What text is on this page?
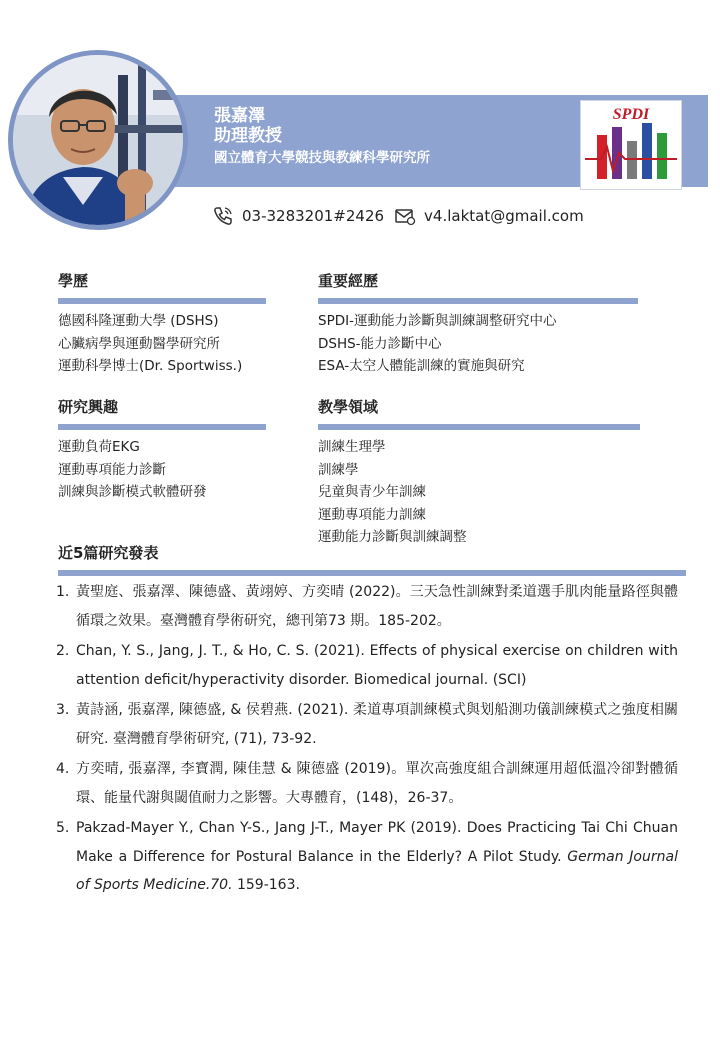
張嘉澤
助理教授
國立體育大學競技與教練科學研究所
SPDI
03-3283201#2426	v4.laktat@gmail.com
學歷
德國科隆運動大學 (DSHS)
心臟病學與運動醫學研究所
運動科學博士(Dr. Sportwiss.)
重要經歷
SPDI-運動能力診斷與訓練調整研究中心
DSHS-能力診斷中心
ESA-太空人體能訓練的實施與研究
研究興趣
運動負荷EKG
運動專項能力診斷
訓練與診斷模式軟體研發
教學領域
訓練生理學
訓練學
兒童與青少年訓練
運動專項能力訓練
運動能力診斷與訓練調整
近5篇研究發表
1. 黃聖庭、張嘉澤、陳德盛、黃翊婷、方奕晴 (2022)。三天急性訓練對柔道選手肌肉能量路徑與體循環之效果。臺灣體育學術研究，總刊第73 期。185-202。
2. Chan, Y. S., Jang, J. T., & Ho, C. S. (2021). Effects of physical exercise on children with attention deficit/hyperactivity disorder. Biomedical journal. (SCI)
3. 黃詩涵, 張嘉澤, 陳德盛, & 侯碧燕. (2021). 柔道專項訓練模式與划船測功儀訓練模式之強度相關研究. 臺灣體育學術研究, (71), 73-92.
4. 方奕晴, 張嘉澤, 李寶潤, 陳佳慧 & 陳德盛 (2019)。單次高強度組合訓練運用超低溫冷卻對體循環、能量代謝與閾值耐力之影響。大專體育，(148)，26-37。
5. Pakzad-Mayer Y., Chan Y-S., Jang J-T., Mayer PK (2019). Does Practicing Tai Chi Chuan Make a Difference for Postural Balance in the Elderly? A Pilot Study. German Journal of Sports Medicine.70. 159-163.
